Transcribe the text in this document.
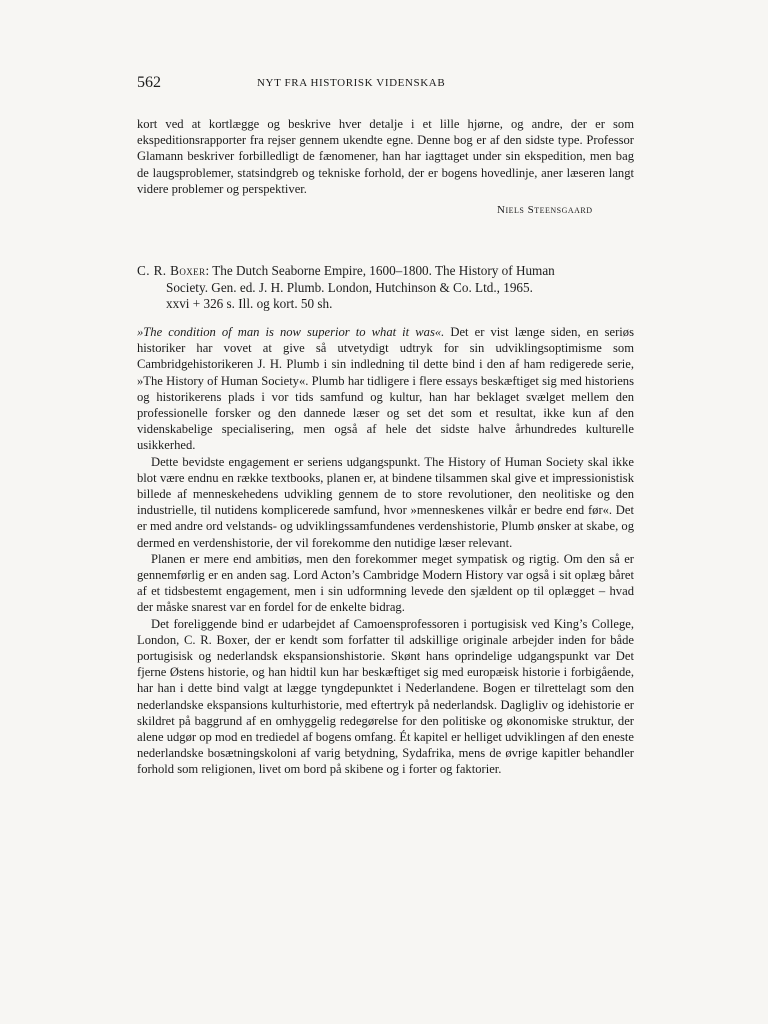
562	NYT FRA HISTORISK VIDENSKAB
kort ved at kortlægge og beskrive hver detalje i et lille hjørne, og andre, der er som ekspeditionsrapporter fra rejser gennem ukendte egne. Denne bog er af den sidste type. Professor Glamann beskriver forbilledligt de fænomener, han har iagttaget under sin ekspedition, men bag de laugsproblemer, statsindgreb og tekniske forhold, der er bogens hovedlinje, aner læseren langt videre problemer og perspektiver.
Niels Steensgaard
C. R. Boxer: The Dutch Seaborne Empire, 1600–1800. The History of Human
Society. Gen. ed. J. H. Plumb. London, Hutchinson & Co. Ltd., 1965.
xxvi + 326 s. Ill. og kort. 50 sh.

»The condition of man is now superior to what it was«. Det er vist længe siden, en seriøs historiker har vovet at give så utvetydigt udtryk for sin udviklingsoptimisme som Cambridgehistorikeren J. H. Plumb i sin indledning til dette bind i den af ham redigerede serie, »The History of Human Society«. Plumb har tidligere i flere essays beskæftiget sig med historiens og historikerens plads i vor tids samfund og kultur, han har beklaget svælget mellem den professionelle forsker og den dannede læser og set det som et resultat, ikke kun af den videnskabelige specialisering, men også af hele det sidste halve århundredes kulturelle usikkerhed.

Dette bevidste engagement er seriens udgangspunkt. The History of Human Society skal ikke blot være endnu en række textbooks, planen er, at bindene tilsammen skal give et impressionistisk billede af menneskehedens udvikling gennem de to store revolutioner, den neolitiske og den industrielle, til nutidens komplicerede samfund, hvor »menneskenes vilkår er bedre end før«. Det er med andre ord velstands- og udviklingssamfundenes verdenshistorie, Plumb ønsker at skabe, og dermed en verdenshistorie, der vil forekomme den nutidige læser relevant.

Planen er mere end ambitiøs, men den forekommer meget sympatisk og rigtig. Om den så er gennemførlig er en anden sag. Lord Acton’s Cambridge Modern History var også i sit oplæg båret af et tidsbestemt engagement, men i sin udformning levede den sjældent op til oplægget – hvad der måske snarest var en fordel for de enkelte bidrag.

Det foreliggende bind er udarbejdet af Camoensprofessoren i portugisisk ved King’s College, London, C. R. Boxer, der er kendt som forfatter til adskillige originale arbejder inden for både portugisisk og nederlandsk ekspansionshistorie. Skønt hans oprindelige udgangspunkt var Det fjerne Østens historie, og han hidtil kun har beskæftiget sig med europæisk historie i forbigående, har han i dette bind valgt at lægge tyngdepunktet i Nederlandene. Bogen er tilrettelagt som den nederlandske ekspansions kulturhistorie, med eftertryk på nederlandsk. Dagligliv og idehistorie er skildret på baggrund af en omhyggelig redegørelse for den politiske og økonomiske struktur, der alene udgør op mod en trediedel af bogens omfang. Ét kapitel er helliget udviklingen af den eneste nederlandske bosætningskoloni af varig betydning, Sydafrika, mens de øvrige kapitler behandler forhold som religionen, livet om bord på skibene og i forter og faktorier.
